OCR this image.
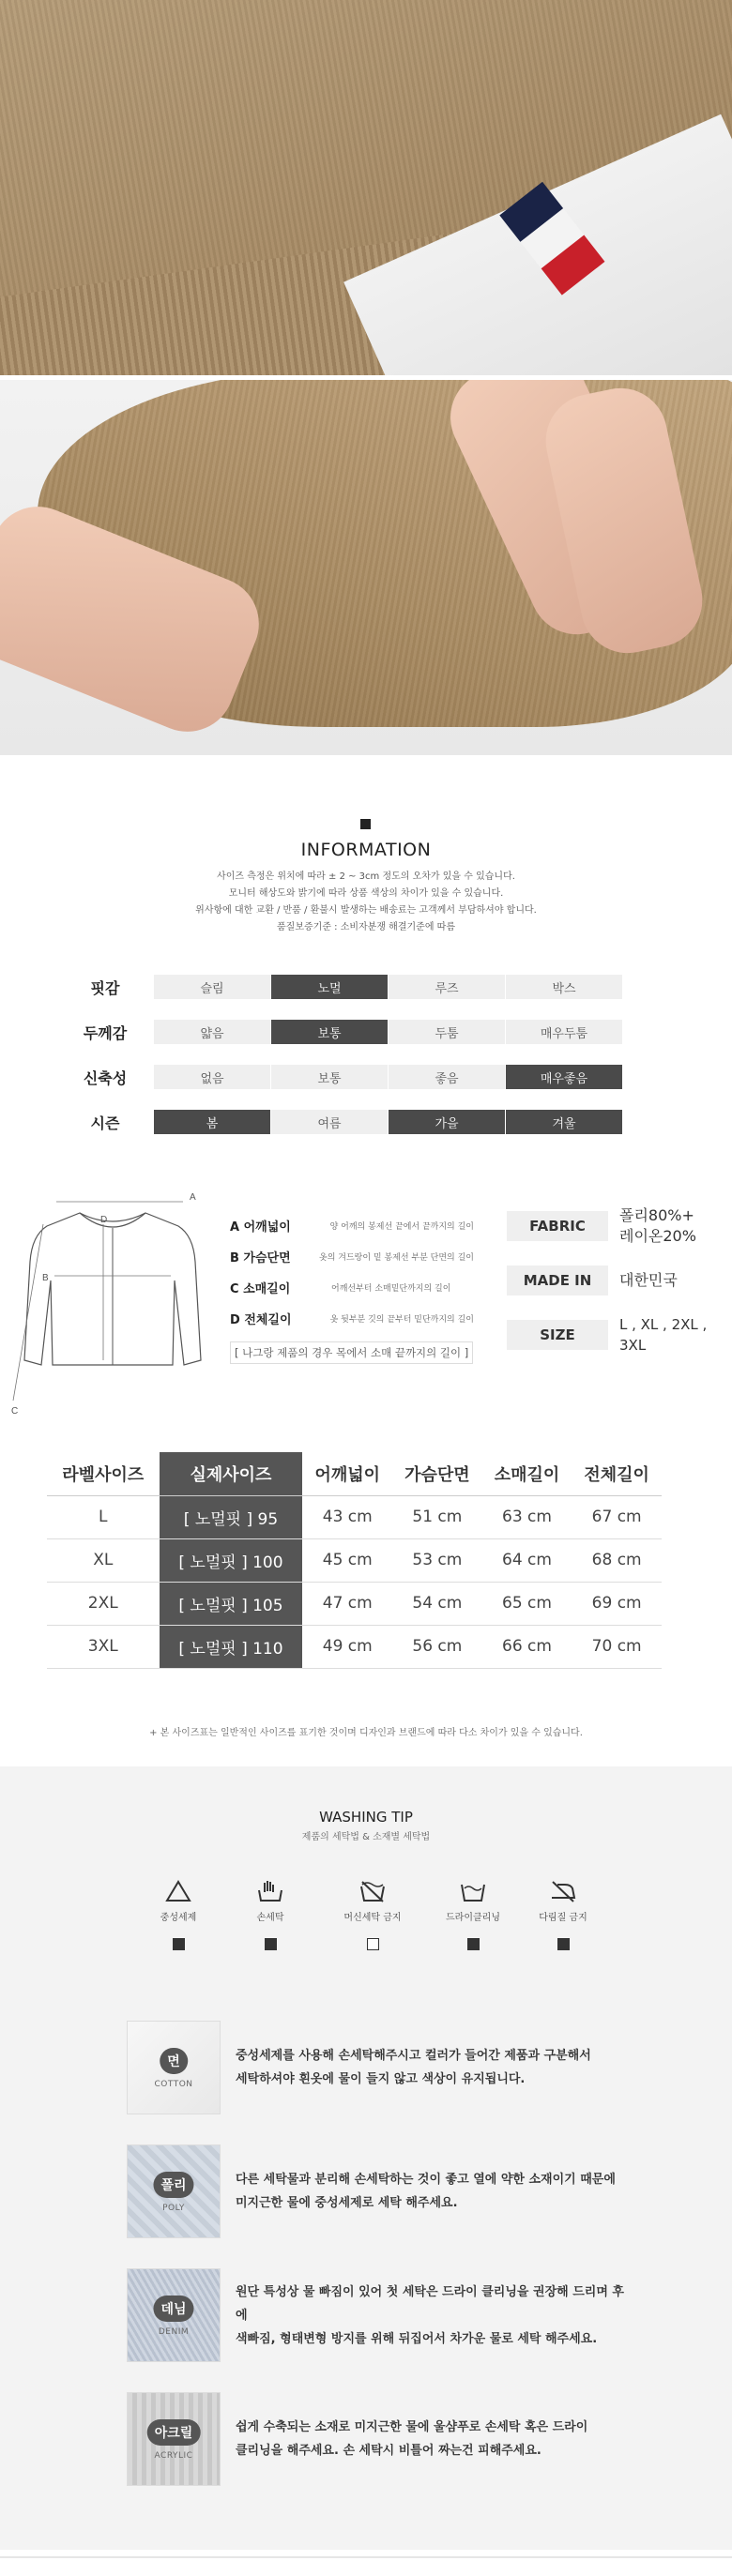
INFORMATION
사이즈 측정은 위치에 따라 ± 2 ~ 3cm 정도의 오차가 있을 수 있습니다.
모니터 해상도와 밝기에 따라 상품 색상의 차이가 있을 수 있습니다.
위사항에 대한 교환 / 반품 / 환불시 발생하는 배송료는 고객께서 부담하셔야 합니다.
품질보증기준 : 소비자분쟁 해결기준에 따름
핏감	슬림	노멀	루즈	박스
두께감	얇음	보통	두툼	매우두툼
신축성	없음	보통	좋음	매우좋음
시즌	봄	여름	가을	겨울
A
D
B
C
A 어깨넓이	양 어깨의 봉제선 끝에서 끝까지의 길이
B 가슴단면	옷의 겨드랑이 밑 봉제선 부분 단면의 길이
C 소매길이	어깨선부터 소매밑단까지의 길이
D 전체길이	옷 뒷부분 깃의 끝부터 밑단까지의 길이
[ 나그랑 제품의 경우 목에서 소매 끝까지의 길이 ]
FABRIC
폴리80%+
레이온20%
MADE IN	대한민국
SIZE
L , XL , 2XL , 3XL
라벨사이즈	실제사이즈	어깨넓이	가슴단면	소매길이	전체길이
L	[ 노멀핏 ] 95	43 cm	51 cm	63 cm	67 cm
XL	[ 노멀핏 ] 100	45 cm	53 cm	64 cm	68 cm
2XL	[ 노멀핏 ] 105	47 cm	54 cm	65 cm	69 cm
3XL	[ 노멀핏 ] 110	49 cm	56 cm	66 cm	70 cm
+ 본 사이즈표는 일반적인 사이즈를 표기한 것이며 디자인과 브랜드에 따라 다소 차이가 있을 수 있습니다.
WASHING TIP
제품의 세탁법 & 소재별 세탁법
중성세제	손세탁	머신세탁 금지	드라이클리닝	다림질 금지
면
COTTON
중성세제를 사용해 손세탁해주시고 컬러가 들어간 제품과 구분해서
세탁하셔야 흰옷에 물이 들지 않고 색상이 유지됩니다.
폴리
POLY
다른 세탁물과 분리해 손세탁하는 것이 좋고 열에 약한 소재이기 때문에
미지근한 물에 중성세제로 세탁 해주세요.
데님
DENIM
원단 특성상 물 빠짐이 있어 첫 세탁은 드라이 클리닝을 권장해 드리며 후에
색빠짐, 형태변형 방지를 위해 뒤집어서 차가운 물로 세탁 해주세요.
아크릴
ACRYLIC
쉽게 수축되는 소재로 미지근한 물에 울샴푸로 손세탁 혹은 드라이
클리닝을 해주세요. 손 세탁시 비틀어 짜는건 피해주세요.
